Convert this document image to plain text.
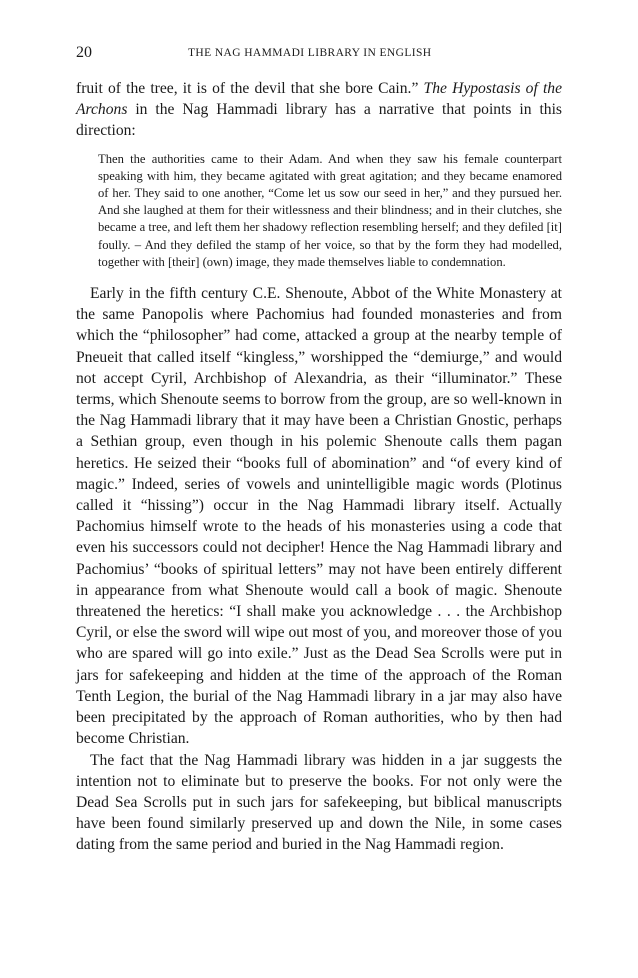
20	THE NAG HAMMADI LIBRARY IN ENGLISH

fruit of the tree, it is of the devil that she bore Cain.” The Hypostasis of the Archons in the Nag Hammadi library has a narrative that points in this direction:

Then the authorities came to their Adam. And when they saw his female counterpart speaking with him, they became agitated with great agitation; and they became enamored of her. They said to one another, “Come let us sow our seed in her,” and they pursued her. And she laughed at them for their witlessness and their blindness; and in their clutches, she became a tree, and left them her shadowy reflection resembling herself; and they defiled [it] foully. – And they defiled the stamp of her voice, so that by the form they had modelled, together with [their] (own) image, they made themselves liable to condemnation.

Early in the fifth century C.E. Shenoute, Abbot of the White Monastery at the same Panopolis where Pachomius had founded monasteries and from which the “philosopher” had come, attacked a group at the nearby temple of Pneueit that called itself “kingless,” worshipped the “demiurge,” and would not accept Cyril, Archbishop of Alexandria, as their “illuminator.” These terms, which Shenoute seems to borrow from the group, are so well-known in the Nag Hammadi library that it may have been a Christian Gnostic, perhaps a Sethian group, even though in his polemic Shenoute calls them pagan heretics. He seized their “books full of abomination” and “of every kind of magic.” Indeed, series of vowels and unintelligible magic words (Plotinus called it “hissing”) occur in the Nag Hammadi library itself. Actually Pachomius himself wrote to the heads of his monasteries using a code that even his successors could not decipher! Hence the Nag Hammadi library and Pachomius’ “books of spiritual letters” may not have been entirely different in appearance from what Shenoute would call a book of magic. Shenoute threatened the heretics: “I shall make you acknowledge . . . the Archbishop Cyril, or else the sword will wipe out most of you, and moreover those of you who are spared will go into exile.” Just as the Dead Sea Scrolls were put in jars for safekeeping and hidden at the time of the approach of the Roman Tenth Legion, the burial of the Nag Hammadi library in a jar may also have been precipitated by the approach of Roman authorities, who by then had become Christian.

The fact that the Nag Hammadi library was hidden in a jar suggests the intention not to eliminate but to preserve the books. For not only were the Dead Sea Scrolls put in such jars for safekeeping, but biblical manuscripts have been found similarly preserved up and down the Nile, in some cases dating from the same period and buried in the Nag Hammadi region.
